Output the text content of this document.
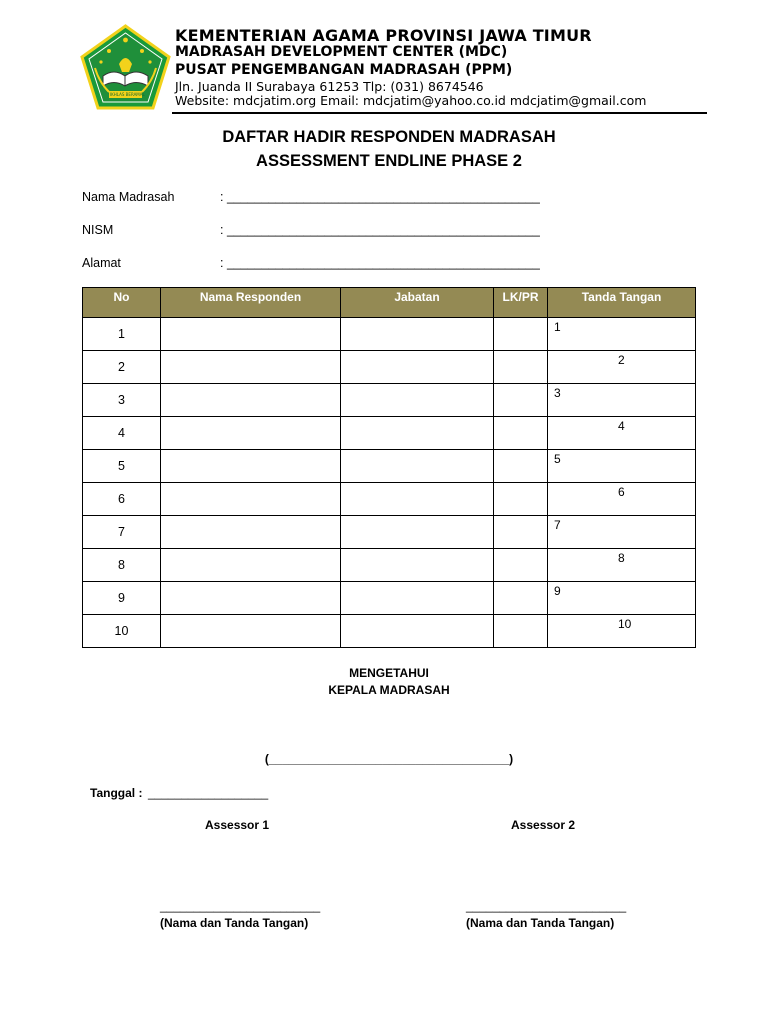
IKHLAS BERAMAL
KEMENTERIAN AGAMA PROVINSI JAWA TIMUR
MADRASAH DEVELOPMENT CENTER (MDC)
PUSAT PENGEMBANGAN MADRASAH (PPM)
Jln. Juanda II Surabaya 61253 Tlp: (031) 8674546
Website: mdcjatim.org Email: mdcjatim@yahoo.co.id mdcjatim@gmail.com
DAFTAR HADIR RESPONDEN MADRASAH
ASSESSMENT ENDLINE PHASE 2
Nama Madrasah	: _____________________________________________
NISM	: _____________________________________________
Alamat	: _____________________________________________
No	Nama Responden	Jabatan	LK/PR	Tanda Tangan
1				1

2				2

3				3

4				4

5				5

6				6

7				7

8				8

9				9

10				10
MENGETAHUI
KEPALA MADRASAH
(____________________________________)
Tanggal : __________________
Assessor 1	Assessor 2
________________________
(Nama dan Tanda Tangan)
________________________
(Nama dan Tanda Tangan)
